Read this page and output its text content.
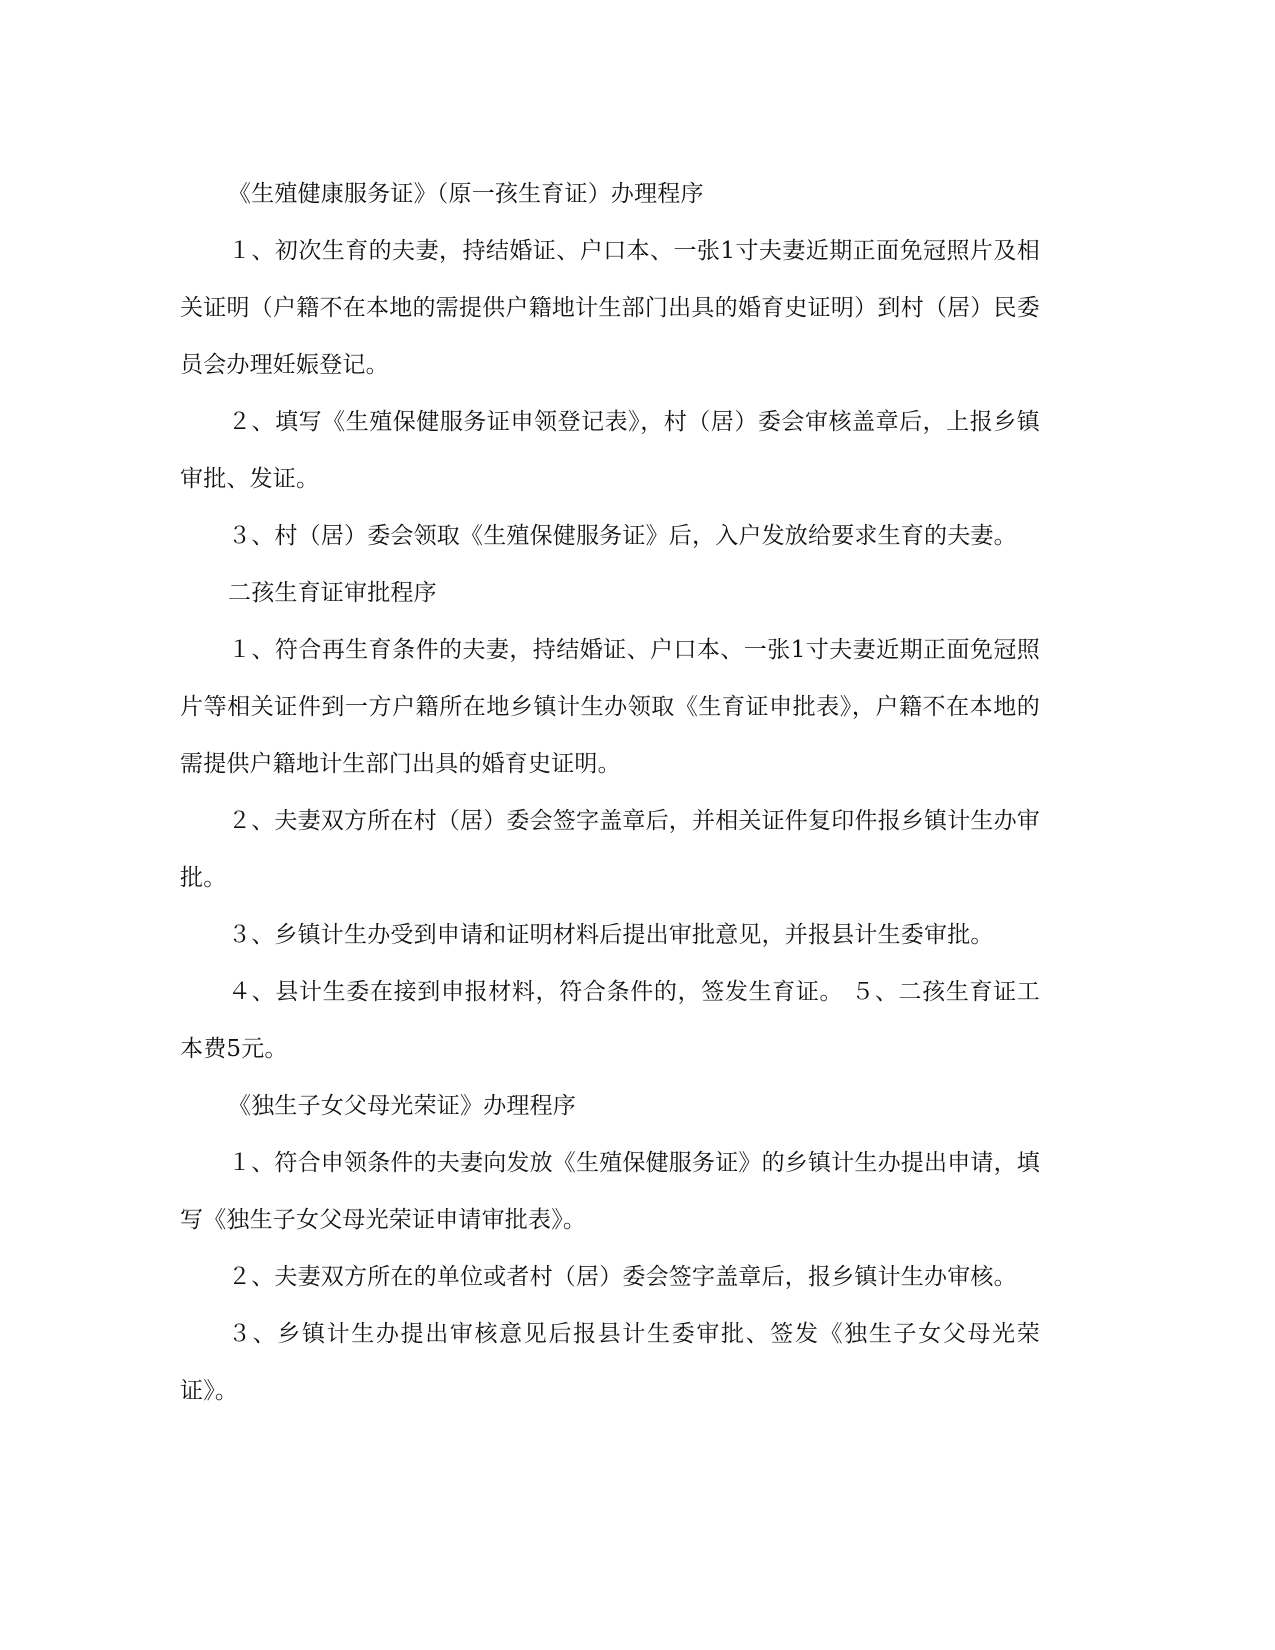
《生殖健康服务证》（原一孩生育证）办理程序

１、初次生育的夫妻，持结婚证、户口本、一张1寸夫妻近期正面免冠照片及相关证明（户籍不在本地的需提供户籍地计生部门出具的婚育史证明）到村（居）民委员会办理妊娠登记。

２、填写《生殖保健服务证申领登记表》，村（居）委会审核盖章后，上报乡镇审批、发证。

３、村（居）委会领取《生殖保健服务证》后，入户发放给要求生育的夫妻。

二孩生育证审批程序

１、符合再生育条件的夫妻，持结婚证、户口本、一张1寸夫妻近期正面免冠照片等相关证件到一方户籍所在地乡镇计生办领取《生育证申批表》，户籍不在本地的需提供户籍地计生部门出具的婚育史证明。

２、夫妻双方所在村（居）委会签字盖章后，并相关证件复印件报乡镇计生办审批。

３、乡镇计生办受到申请和证明材料后提出审批意见，并报县计生委审批。

４、县计生委在接到申报材料，符合条件的，签发生育证。 ５、二孩生育证工本费5元。

《独生子女父母光荣证》办理程序

１、符合申领条件的夫妻向发放《生殖保健服务证》的乡镇计生办提出申请，填写《独生子女父母光荣证申请审批表》。

２、夫妻双方所在的单位或者村（居）委会签字盖章后，报乡镇计生办审核。

３、乡镇计生办提出审核意见后报县计生委审批、签发《独生子女父母光荣证》。
